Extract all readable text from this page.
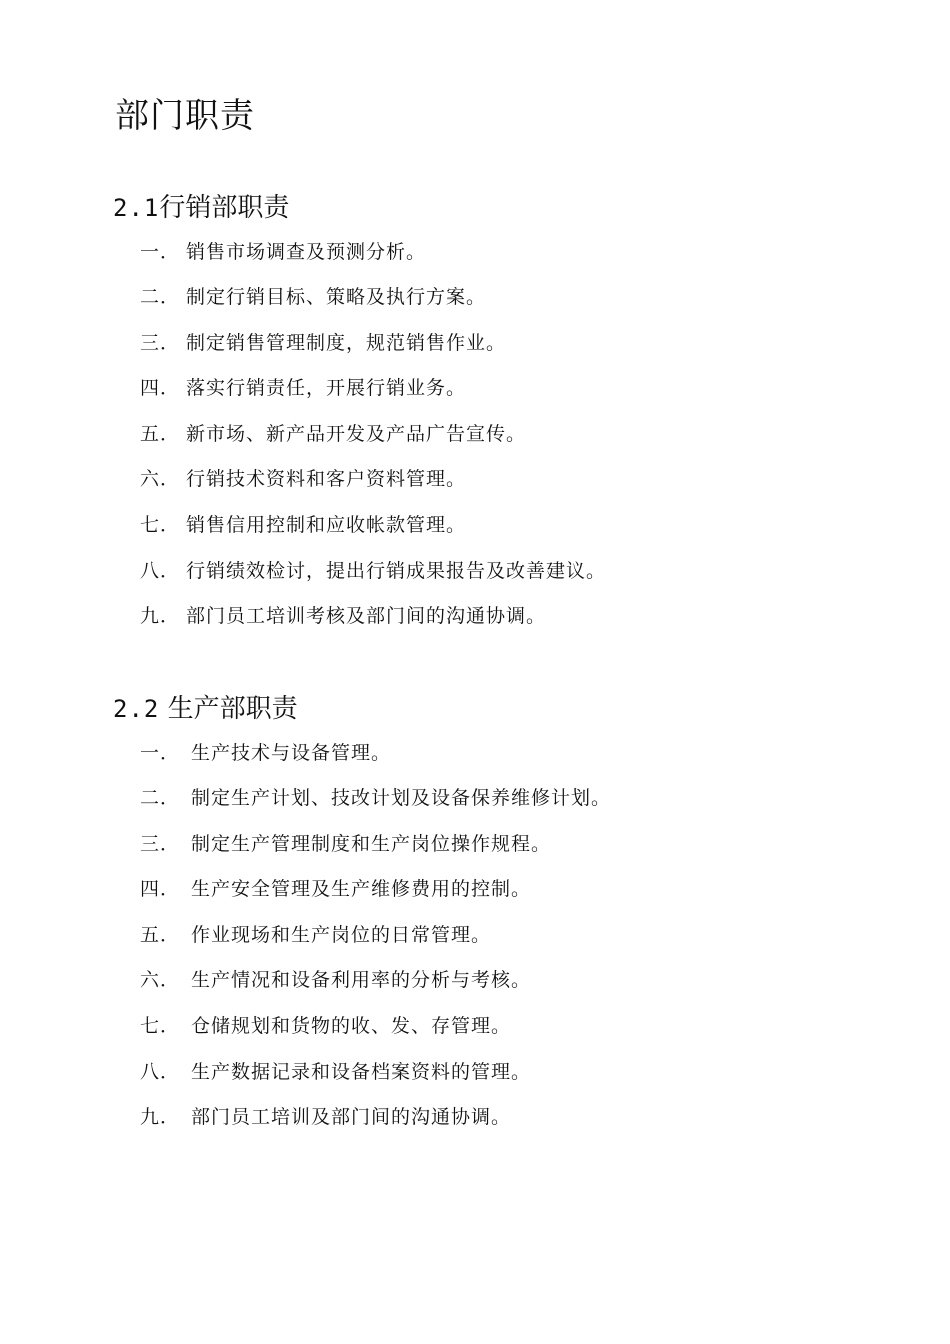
部门职责
2.1行销部职责
一． 销售市场调查及预测分析。
二． 制定行销目标、策略及执行方案。
三． 制定销售管理制度，规范销售作业。
四． 落实行销责任，开展行销业务。
五． 新市场、新产品开发及产品广告宣传。
六． 行销技术资料和客户资料管理。
七． 销售信用控制和应收帐款管理。
八． 行销绩效检讨，提出行销成果报告及改善建议。
九． 部门员工培训考核及部门间的沟通协调。
2.2 生产部职责
一． 生产技术与设备管理。
二． 制定生产计划、技改计划及设备保养维修计划。
三． 制定生产管理制度和生产岗位操作规程。
四． 生产安全管理及生产维修费用的控制。
五． 作业现场和生产岗位的日常管理。
六． 生产情况和设备利用率的分析与考核。
七． 仓储规划和货物的收、发、存管理。
八． 生产数据记录和设备档案资料的管理。
九． 部门员工培训及部门间的沟通协调。
